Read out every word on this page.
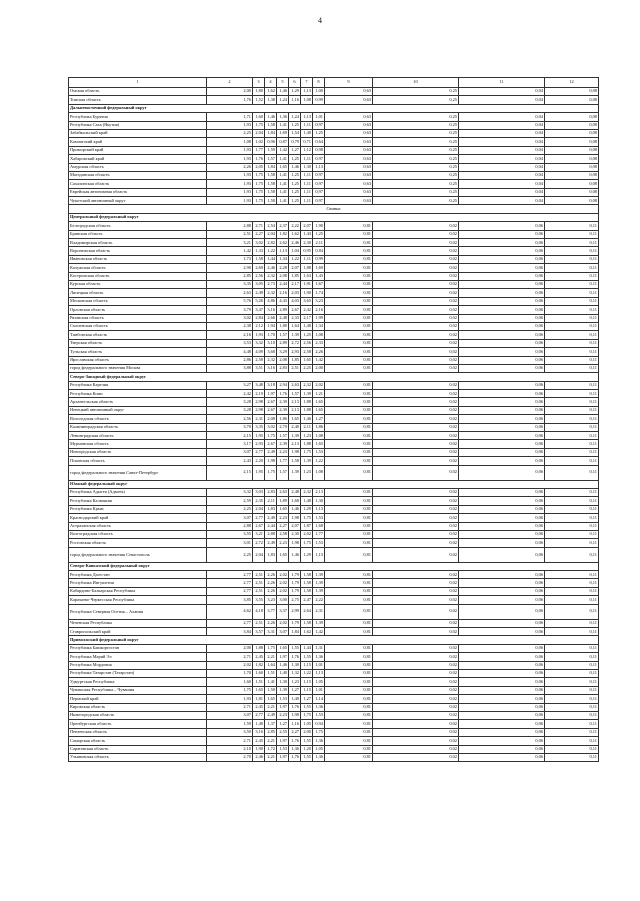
4
1	2	3	4	5	6	7	8	9	10	11	12
Омская область	2,00	1,80	1,62	1,46	1,29	1,13	1,00	0,63	0,25	0,04	0,08
Томская область	1,76	1,52	1,38	1,24	1,16	1,08	0,99	0,63	0,25	0,04	0,08
Дальневосточный федеральный округ											
Республика Бурятия	1,71	1,60	1,46	1,36	1,24	1,13	1,01	0,63	0,25	0,04	0,08
Республика Саха (Якутия)	1,93	1,75	1,58	1,41	1,25	1,11	0,97	0,63	0,25	0,04	0,08
Забайкальский край	2,25	2,04	1,84	1,69	1,54	1,40	1,25	0,63	0,25	0,04	0,08
Камчатский край	1,08	1,02	0,96	0,87	0,79	0,71	0,64	0,63	0,25	0,04	0,08
Приморский край	1,93	1,77	1,59	1,42	1,27	1,12	0,98	0,63	0,25	0,04	0,08
Хабаровский край	1,93	1,76	1,57	1,41	1,25	1,11	0,97	0,63	0,25	0,04	0,08
Амурская область	2,26	2,05	1,84	1,65	1,46	1,30	1,13	0,63	0,25	0,04	0,08
Магаданская область	1,93	1,75	1,58	1,41	1,25	1,11	0,97	0,63	0,25	0,04	0,08
Сахалинская область	1,93	1,75	1,58	1,41	1,25	1,11	0,97	0,63	0,25	0,04	0,08
Еврейская автономная область	1,93	1,75	1,58	1,41	1,25	1,11	0,97	0,63	0,25	0,04	0,08
Чукотский автономный округ	1,93	1,75	1,58	1,41	1,25	1,11	0,97	0,63	0,25	0,04	0,08
Свиньи											
Центральный федеральный округ											
Белгородская область	2,88	2,71	2,54	2,37	2,22	2,07	1,90	0,81	0,02	0,06	0,11
Брянская область	2,51	2,27	2,04	1,82	1,62	1,43	1,25	0,81	0,02	0,06	0,11
Владимирская область	3,21	3,02	2,82	2,62	2,46	2,30	2,11	0,81	0,02	0,06	0,11
Воронежская область	1,42	1,33	1,22	1,13	1,04	0,95	0,84	0,81	0,02	0,06	0,11
Ивановская область	1,73	1,58	1,44	1,34	1,22	1,11	0,99	0,81	0,02	0,06	0,11
Калужская область	2,90	2,69	2,46	2,28	2,07	1,88	1,69	0,81	0,02	0,06	0,11
Костромская область	2,85	2,56	2,32	2,08	1,85	1,63	1,43	0,81	0,02	0,06	0,11
Курская область	3,35	3,05	2,73	2,44	2,17	1,91	1,67	0,81	0,02	0,06	0,11
Липецкая область	2,63	2,49	2,32	2,16	2,03	1,90	1,74	0,81	0,02	0,06	0,11
Московская область	5,76	5,26	4,86	4,43	4,03	3,65	3,23	0,81	0,02	0,06	0,11
Орловская область	3,79	3,47	3,16	2,89	2,67	2,42	2,16	0,81	0,02	0,06	0,11
Рязанская область	3,02	2,84	2,66	2,48	2,33	2,17	1,99	0,81	0,02	0,06	0,11
Смоленская область	2,38	2,12	1,94	1,80	1,64	1,48	1,34	0,81	0,02	0,06	0,11
Тамбовская область	2,16	1,93	1,70	1,57	1,39	1,25	1,08	0,81	0,02	0,06	0,11
Тверская область	3,53	3,32	3,10	2,89	2,72	2,56	2,33	0,81	0,02	0,06	0,11
Тульская область	4,48	4,09	3,68	3,29	2,93	2,58	2,26	0,81	0,02	0,06	0,11
Ярославская область	2,86	2,58	2,32	2,08	1,85	1,65	1,42	0,81	0,02	0,06	0,11
город федерального значения Москва	3,88	3,51	3,16	2,83	2,51	2,25	2,00	0,81	0,02	0,06	0,11
Северо-Западный федеральный округ											
Республика Карелия	3,27	3,48	3,18	2,94	2,63	2,32	2,02	0,81	0,02	0,06	0,11
Республика Коми	2,42	2,19	1,97	1,76	1,57	1,39	1,21	0,81	0,02	0,06	0,11
Архангельская область	3,28	2,98	2,67	2,39	2,13	1,88	1,65	0,81	0,02	0,06	0,11
Ненецкий автономный округ	3,28	2,98	2,67	2,39	2,13	1,88	1,65	0,81	0,02	0,06	0,11
Вологодская область	2,56	2,31	2,08	1,86	1,65	1,46	1,27	0,81	0,02	0,06	0,11
Калининградская область	3,70	3,35	3,02	2,70	2,40	2,11	1,86	0,81	0,02	0,06	0,11
Ленинградская область	2,15	1,95	1,75	1,57	1,39	1,23	1,08	0,81	0,02	0,06	0,11
Мурманская область	3,17	2,93	2,67	2,39	2,13	1,88	1,65	0,81	0,02	0,06	0,11
Новгородская область	3,07	2,77	2,49	2,23	1,98	1,75	1,53	0,81	0,02	0,06	0,11
Псковская область	2,43	2,20	1,98	1,77	1,58	1,39	1,22	0,81	0,02	0,06	0,11
город федерального значения Санкт-Петербург	2,15	1,95	1,75	1,57	1,39	1,23	1,08	0,81	0,02	0,06	0,11
Южный федеральный округ											
Республика Адыгея (Адыгея)	3,32	3,03	2,83	2,63	2,48	2,32	2,13	0,81	0,02	0,06	0,11
Республика Калмыкия	2,59	2,35	2,11	1,89	1,68	1,48	1,30	0,81	0,02	0,06	0,11
Республика Крым	2,25	2,04	1,83	1,65	1,46	1,29	1,13	0,81	0,02	0,06	0,11
Краснодарский край	3,07	2,77	2,49	2,23	1,98	1,75	1,53	0,81	0,02	0,06	0,11
Астраханская область	2,88	2,67	2,44	2,27	2,07	1,87	1,68	0,81	0,02	0,06	0,11
Волгоградская область	3,55	3,21	2,88	2,58	2,30	2,02	1,77	0,81	0,02	0,06	0,11
Ростовская область	3,01	2,72	2,49	2,23	1,98	1,75	1,53	0,81	0,02	0,06	0,11
город федерального значения Севастополь	2,25	2,04	1,83	1,65	1,46	1,29	1,13	0,81	0,02	0,06	0,11
Северо-Кавказский федеральный округ											
Республика Дагестан	2,77	2,51	2,26	2,02	1,79	1,58	1,39	0,81	0,02	0,06	0,11
Республика Ингушетия	2,77	2,51	2,26	2,02	1,79	1,58	1,39	0,81	0,02	0,06	0,11
Кабардино-Балкарская Республика	2,77	2,51	2,26	2,02	1,79	1,58	1,39	0,81	0,02	0,06	0,11
Карачаево-Черкесская Республика	3,85	3,55	3,23	3,00	2,75	2,47	2,22	0,81	0,02	0,06	0,11
Республика Северная Осетия – Алания	4,62	4,18	3,77	3,37	2,99	2,64	2,31	0,81	0,02	0,06	0,11
Чеченская Республика	2,77	2,51	2,26	2,02	1,79	1,58	1,39	0,81	0,02	0,06	0,11
Ставропольский край	3,84	3,57	3,31	3,07	1,84	1,62	1,42	0,81	0,02	0,06	0,11
Приволжский федеральный округ											
Республика Башкортостан	2,00	1,88	1,75	1,65	1,55	1,44	1,31	0,81	0,02	0,06	0,11
Республика Марий Эл	2,71	2,45	2,21	1,97	1,76	1,55	1,36	0,81	0,02	0,06	0,11
Республика Мордовия	2,02	1,82	1,64	1,46	1,30	1,15	1,01	0,81	0,02	0,06	0,11
Республика Татарстан (Татарстан)	1,70	1,60	1,51	1,40	1,32	1,22	1,13	0,81	0,02	0,06	0,11
Удмуртская Республика	1,60	1,51	1,41	1,30	1,23	1,15	1,05	0,81	0,02	0,06	0,11
Чувашская Республика – Чувашия	1,75	1,65	1,50	1,39	1,27	1,15	1,01	0,81	0,02	0,06	0,11
Пермский край	1,93	1,81	1,65	1,53	1,40	1,27	1,14	0,81	0,02	0,06	0,11
Кировская область	2,71	2,45	2,21	1,97	1,76	1,55	1,36	0,81	0,02	0,06	0,11
Нижегородская область	3,07	2,77	2,49	2,23	1,98	1,75	1,53	0,81	0,02	0,06	0,11
Оренбургская область	1,59	1,49	1,37	1,27	1,16	1,05	0,94	0,81	0,02	0,06	0,11
Пензенская область	3,50	3,16	2,85	2,55	2,27	2,00	1,75	0,81	0,02	0,06	0,11
Самарская область	2,71	2,45	2,21	1,97	1,76	1,55	1,36	0,81	0,02	0,06	0,11
Саратовская область	2,10	1,90	1,72	1,53	1,36	1,20	1,05	0,81	0,02	0,06	0,11
Ульяновская область	2,70	2,46	2,21	1,97	1,76	1,55	1,36	0,81	0,02	0,06	0,11
